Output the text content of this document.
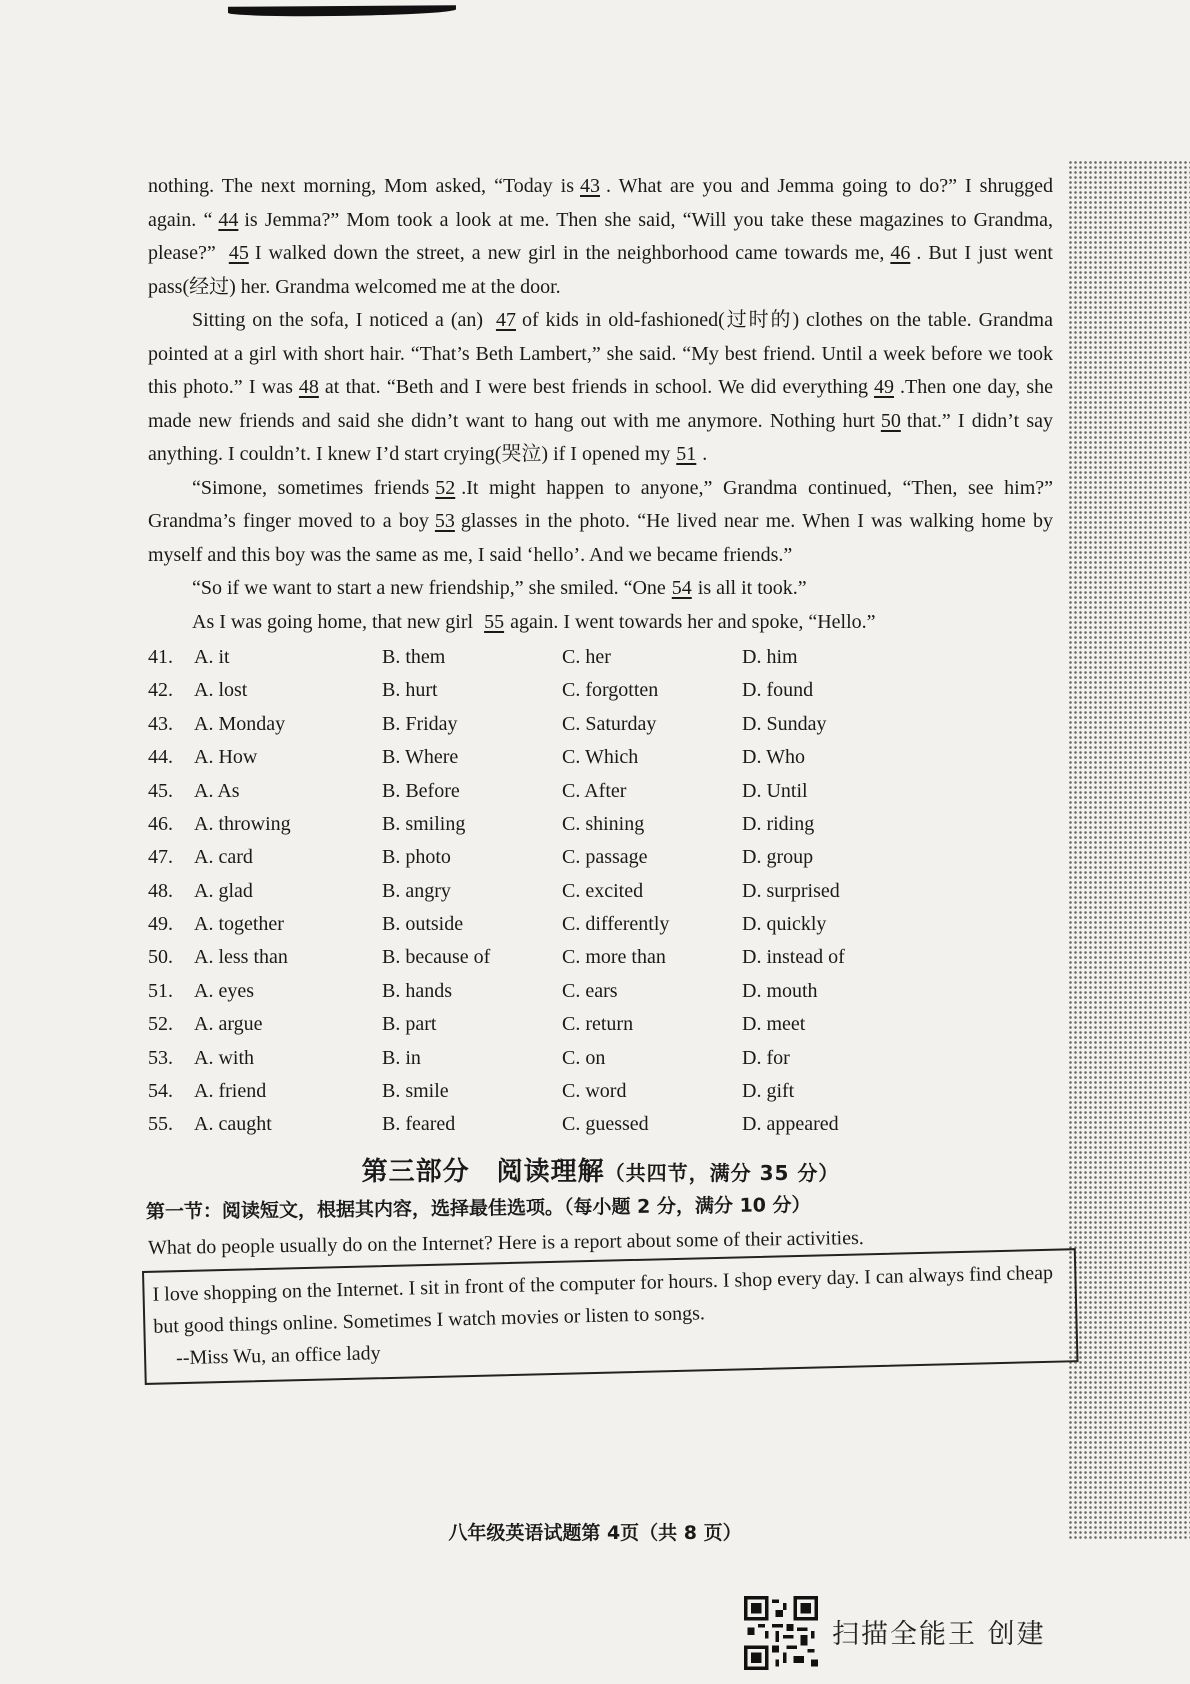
nothing. The next morning, Mom asked, “Today is 43 . What are you and Jemma going to do?” I shrugged again. “ 44 is Jemma?” Mom took a look at me. Then she said, “Will you take these magazines to Grandma, please?” 45 I walked down the street, a new girl in the neighborhood came towards me, 46 . But I just went pass(经过) her. Grandma welcomed me at the door.

Sitting on the sofa, I noticed a (an) 47 of kids in old-fashioned(过时的) clothes on the table. Grandma pointed at a girl with short hair. “That’s Beth Lambert,” she said. “My best friend. Until a week before we took this photo.” I was 48 at that. “Beth and I were best friends in school. We did everything 49 .Then one day, she made new friends and said she didn’t want to hang out with me anymore. Nothing hurt 50 that.” I didn’t say anything. I couldn’t. I knew I’d start crying(哭泣) if I opened my 51 .

“Simone, sometimes friends 52 .It might happen to anyone,” Grandma continued, “Then, see him?” Grandma’s finger moved to a boy 53 glasses in the photo. “He lived near me. When I was walking home by myself and this boy was the same as me, I said ‘hello’. And we became friends.”

“So if we want to start a new friendship,” she smiled. “One 54 is all it took.”

As I was going home, that new girl 55 again. I went towards her and spoke, “Hello.”

41.	A. it	B. them	C. her	D. him
42.	A. lost	B. hurt	C. forgotten	D. found
43.	A. Monday	B. Friday	C. Saturday	D. Sunday
44.	A. How	B. Where	C. Which	D. Who
45.	A. As	B. Before	C. After	D. Until
46.	A. throwing	B. smiling	C. shining	D. riding
47.	A. card	B. photo	C. passage	D. group
48.	A. glad	B. angry	C. excited	D. surprised
49.	A. together	B. outside	C. differently	D. quickly
50.	A. less than	B. because of	C. more than	D. instead of
51.	A. eyes	B. hands	C. ears	D. mouth
52.	A. argue	B. part	C. return	D. meet
53.	A. with	B. in	C. on	D. for
54.	A. friend	B. smile	C. word	D. gift
55.	A. caught	B. feared	C. guessed	D. appeared
第三部分　阅读理解（共四节，满分 35 分）
第一节：阅读短文，根据其内容，选择最佳选项。（每小题 2 分，满分 10 分）
What do people usually do on the Internet? Here is a report about some of their activities.
I love shopping on the Internet. I sit in front of the computer for hours. I shop every day. I can always find cheap but good things online. Sometimes I watch movies or listen to songs.
--Miss Wu, an office lady
八年级英语试题第 4页（共 8 页）
扫描全能王 创建
